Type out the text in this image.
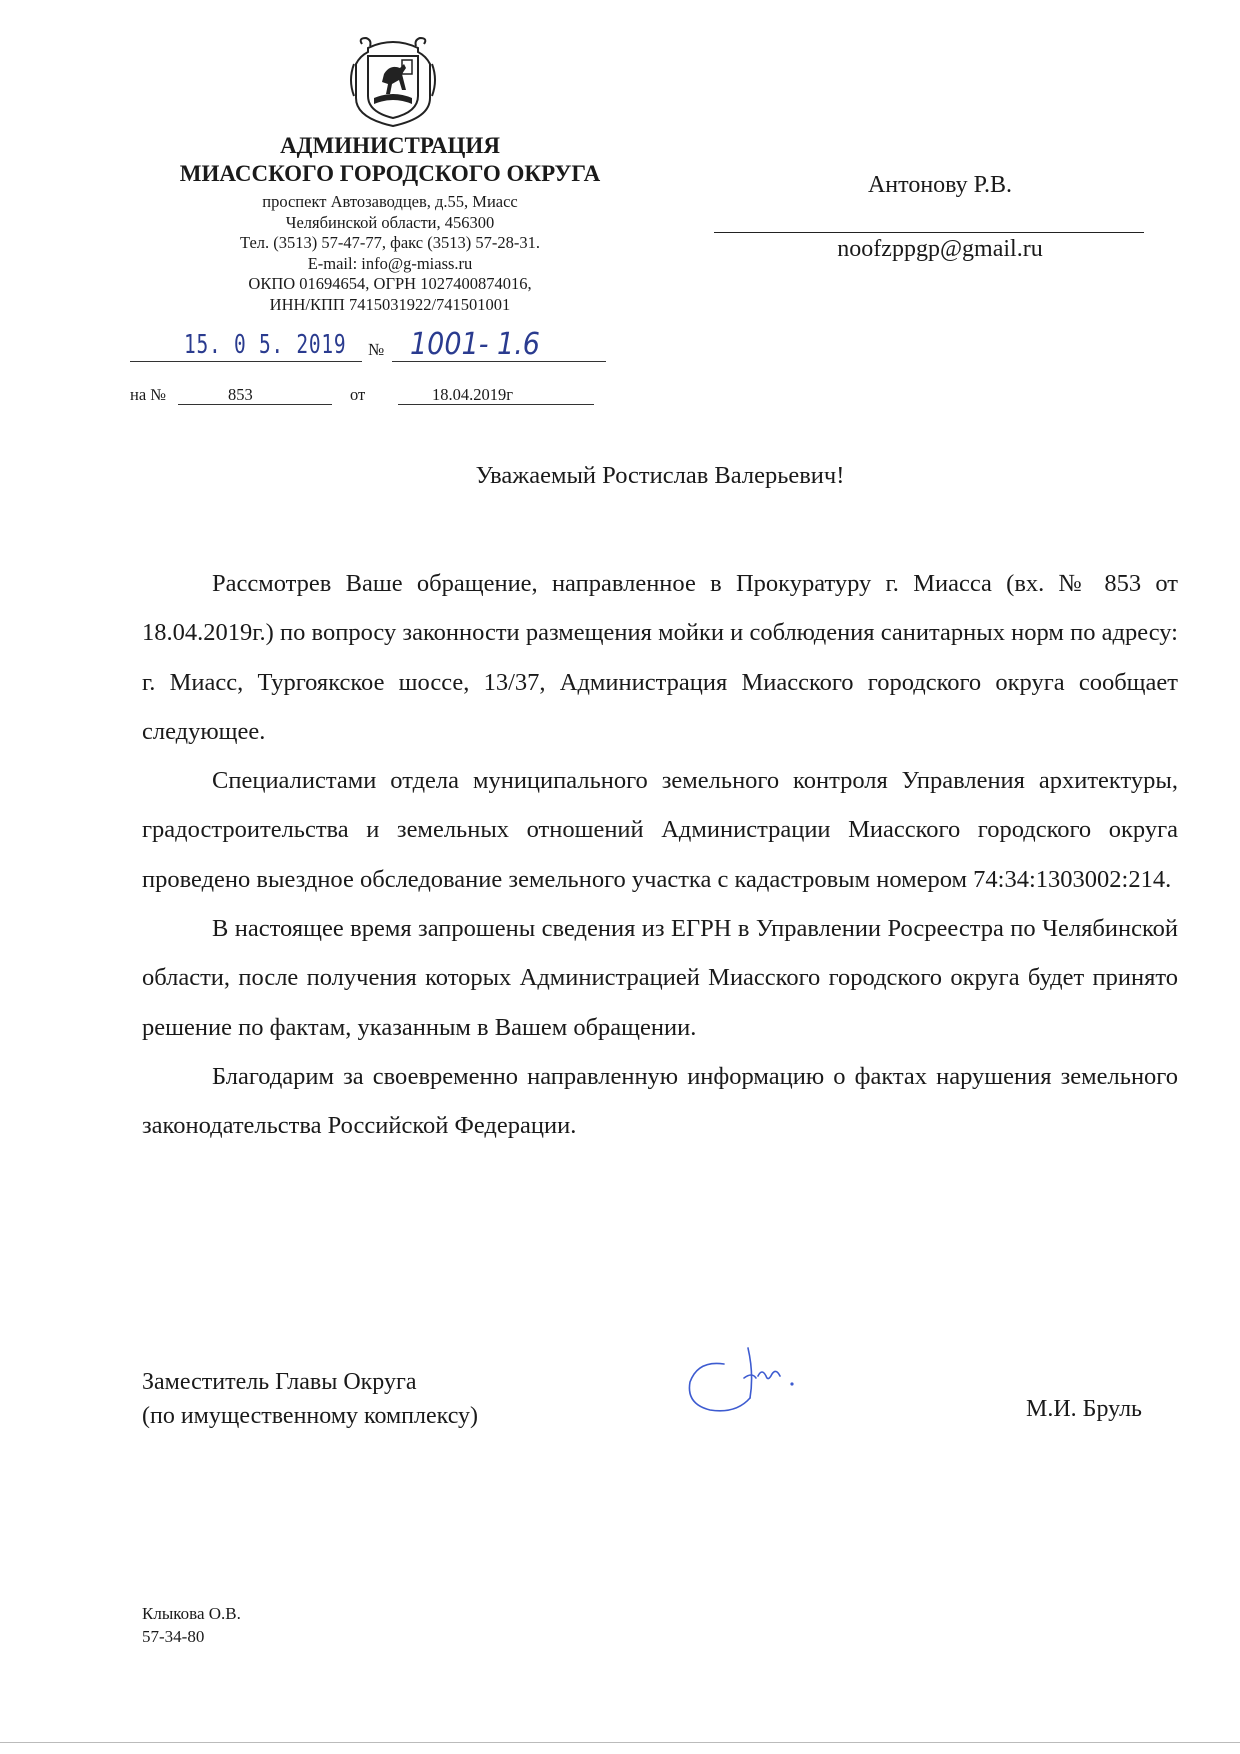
АДМИНИСТРАЦИЯ
МИАССКОГО ГОРОДСКОГО ОКРУГА
проспект Автозаводцев, д.55, Миасс
Челябинской области, 456300
Тел. (3513) 57-47-77, факс (3513) 57-28-31.
E-mail: info@g-miass.ru
ОКПО 01694654, ОГРН 1027400874016,
ИНН/КПП 7415031922/741501001
15. 0 5. 2019 № 1001- 1.6
на №	853	от	18.04.2019г
Антонову Р.В.
noofzppgp@gmail.ru
Уважаемый Ростислав Валерьевич!

Рассмотрев Ваше обращение, направленное в Прокуратуру г. Миасса (вх. № 853 от 18.04.2019г.) по вопросу законности размещения мойки и соблюдения санитарных норм по адресу: г. Миасс, Тургоякское шоссе, 13/37, Администрация Миасского городского округа сообщает следующее.

Специалистами отдела муниципального земельного контроля Управления архитектуры, градостроительства и земельных отношений Администрации Миасского городского округа проведено выездное обследование земельного участка с кадастровым номером 74:34:1303002:214.

В настоящее время запрошены сведения из ЕГРН в Управлении Росреестра по Челябинской области, после получения которых Администрацией Миасского городского округа будет принято решение по фактам, указанным в Вашем обращении.

Благодарим за своевременно направленную информацию о фактах нарушения земельного законодательства Российской Федерации.

Заместитель Главы Округа
(по имущественному комплексу)	М.И. Бруль
Клыкова О.В.
57-34-80
